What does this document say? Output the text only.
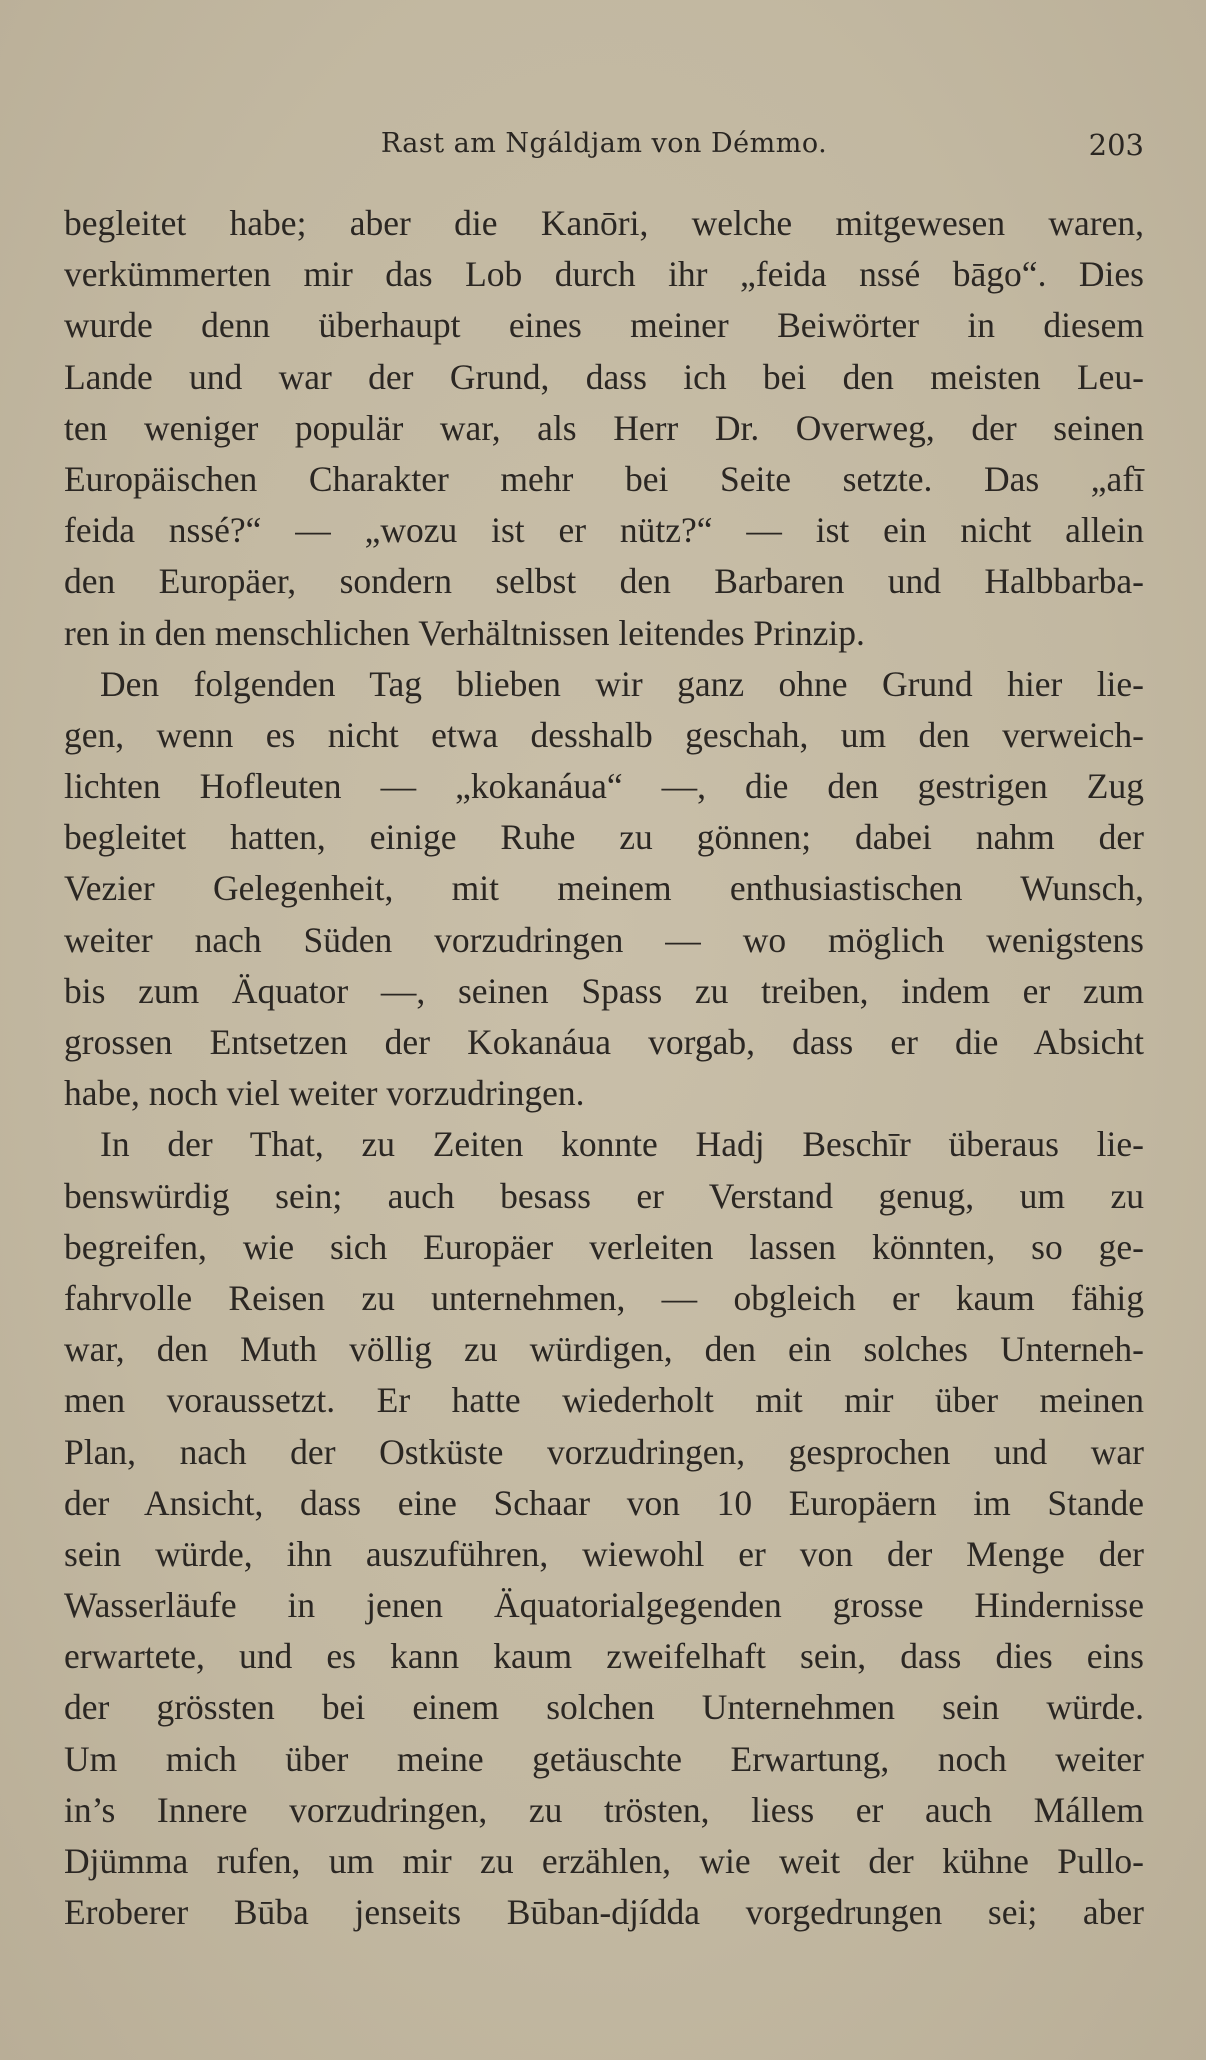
Rast am Ngáldjam von Démmo.	203
begleitet habe; aber die Kanōri, welche mitgewesen waren,
verkümmerten mir das Lob durch ihr „feida nssé bāgo“. Dies
wurde denn überhaupt eines meiner Beiwörter in diesem
Lande und war der Grund, dass ich bei den meisten Leu-
ten weniger populär war, als Herr Dr. Overweg, der seinen
Europäischen Charakter mehr bei Seite setzte. Das „afī
feida nssé?“ — „wozu ist er nütz?“ — ist ein nicht allein
den Europäer, sondern selbst den Barbaren und Halbbarba-
ren in den menschlichen Verhältnissen leitendes Prinzip.
Den folgenden Tag blieben wir ganz ohne Grund hier lie-
gen, wenn es nicht etwa desshalb geschah, um den verweich-
lichten Hofleuten — „kokanáua“ —, die den gestrigen Zug
begleitet hatten, einige Ruhe zu gönnen; dabei nahm der
Vezier Gelegenheit, mit meinem enthusiastischen Wunsch,
weiter nach Süden vorzudringen — wo möglich wenigstens
bis zum Äquator —, seinen Spass zu treiben, indem er zum
grossen Entsetzen der Kokanáua vorgab, dass er die Absicht
habe, noch viel weiter vorzudringen.
In der That, zu Zeiten konnte Hadj Beschīr überaus lie-
benswürdig sein; auch besass er Verstand genug, um zu
begreifen, wie sich Europäer verleiten lassen könnten, so ge-
fahrvolle Reisen zu unternehmen, — obgleich er kaum fähig
war, den Muth völlig zu würdigen, den ein solches Unterneh-
men voraussetzt. Er hatte wiederholt mit mir über meinen
Plan, nach der Ostküste vorzudringen, gesprochen und war
der Ansicht, dass eine Schaar von 10 Europäern im Stande
sein würde, ihn auszuführen, wiewohl er von der Menge der
Wasserläufe in jenen Äquatorialgegenden grosse Hindernisse
erwartete, und es kann kaum zweifelhaft sein, dass dies eins
der grössten bei einem solchen Unternehmen sein würde.
Um mich über meine getäuschte Erwartung, noch weiter
in’s Innere vorzudringen, zu trösten, liess er auch Mállem
Djümma rufen, um mir zu erzählen, wie weit der kühne Pullo-
Eroberer Būba jenseits Būban-djídda vorgedrungen sei; aber
